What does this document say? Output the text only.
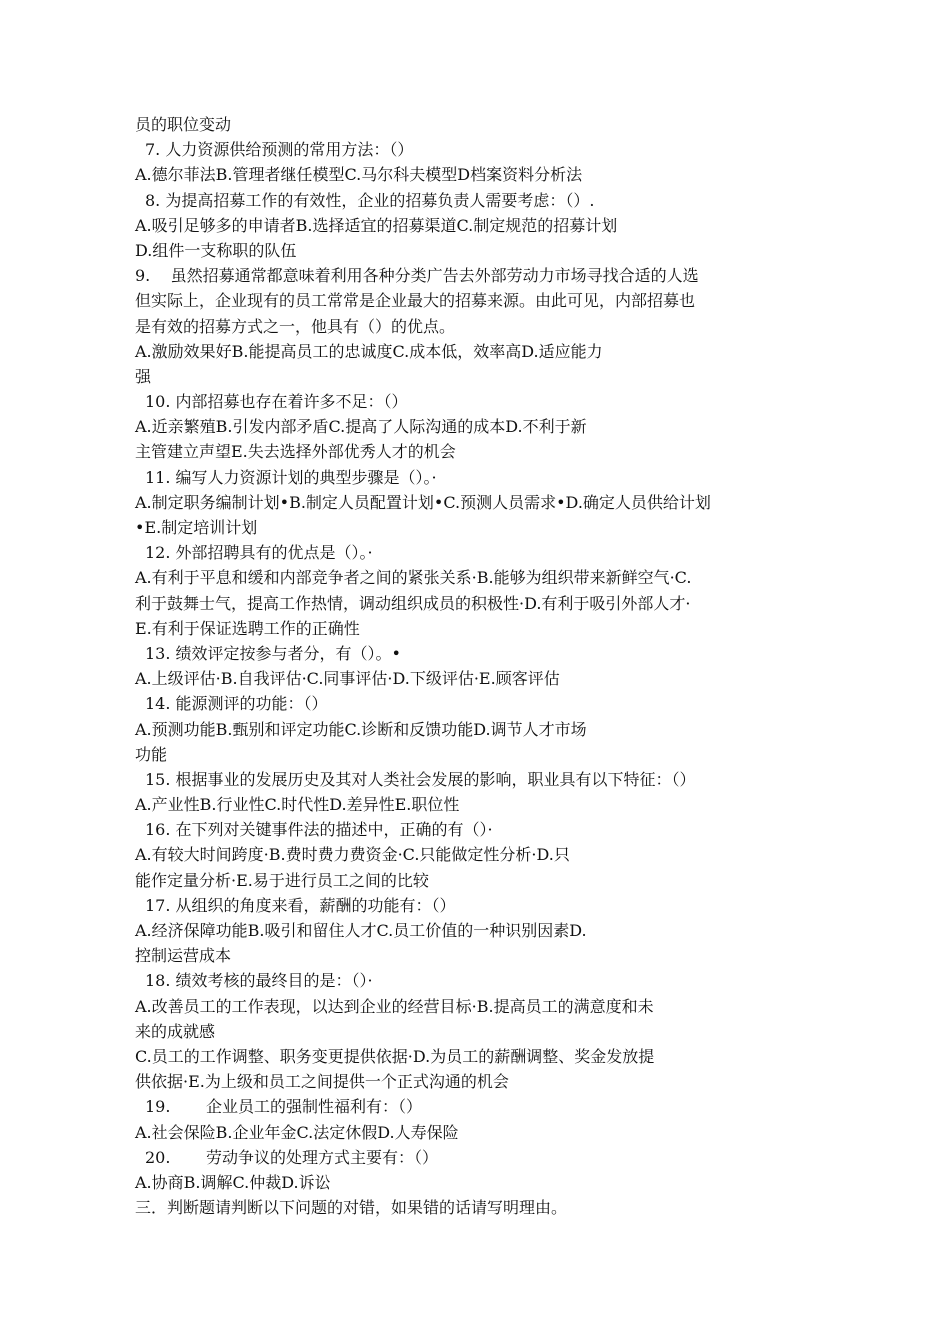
员的职位变动
7. 人力资源供给预测的常用方法：（）
A.德尔菲法B.管理者继任模型C.马尔科夫模型D档案资料分析法
8. 为提高招募工作的有效性，企业的招募负责人需要考虑：（）.
A.吸引足够多的申请者B.选择适宜的招募渠道C.制定规范的招募计划
D.组件一支称职的队伍
9.    虽然招募通常都意味着利用各种分类广告去外部劳动力市场寻找合适的人选
但实际上，企业现有的员工常常是企业最大的招募来源。由此可见，内部招募也
是有效的招募方式之一，他具有（）的优点。
A.激励效果好B.能提高员工的忠诚度C.成本低，效率高D.适应能力
强
10. 内部招募也存在着许多不足：（）
A.近亲繁殖B.引发内部矛盾C.提高了人际沟通的成本D.不利于新
主管建立声望E.失去选择外部优秀人才的机会
11. 编写人力资源计划的典型步骤是（）。·
A.制定职务编制计划•B.制定人员配置计划•C.预测人员需求•D.确定人员供给计划
•E.制定培训计划
12. 外部招聘具有的优点是（）。·
A.有利于平息和缓和内部竞争者之间的紧张关系·B.能够为组织带来新鲜空气·C.
利于鼓舞士气，提高工作热情，调动组织成员的积极性·D.有利于吸引外部人才·
E.有利于保证选聘工作的正确性
13. 绩效评定按参与者分，有（）。•
A.上级评估·B.自我评估·C.同事评估·D.下级评估·E.顾客评估
14. 能源测评的功能：（）
A.预测功能B.甄别和评定功能C.诊断和反馈功能D.调节人才市场
功能
15. 根据事业的发展历史及其对人类社会发展的影响，职业具有以下特征：（）
A.产业性B.行业性C.时代性D.差异性E.职位性
16. 在下列对关键事件法的描述中，正确的有（）·
A.有较大时间跨度·B.费时费力费资金·C.只能做定性分析·D.只
能作定量分析·E.易于进行员工之间的比较
17. 从组织的角度来看，薪酬的功能有：（）
A.经济保障功能B.吸引和留住人才C.员工价值的一种识别因素D.
控制运营成本
18. 绩效考核的最终目的是：（）·
A.改善员工的工作表现，以达到企业的经营目标·B.提高员工的满意度和未
来的成就感
C.员工的工作调整、职务变更提供依据·D.为员工的薪酬调整、奖金发放提
供依据·E.为上级和员工之间提供一个正式沟通的机会
19.       企业员工的强制性福利有：（）
A.社会保险B.企业年金C.法定休假D.人寿保险
20.       劳动争议的处理方式主要有：（）
A.协商B.调解C.仲裁D.诉讼
三．判断题请判断以下问题的对错，如果错的话请写明理由。
